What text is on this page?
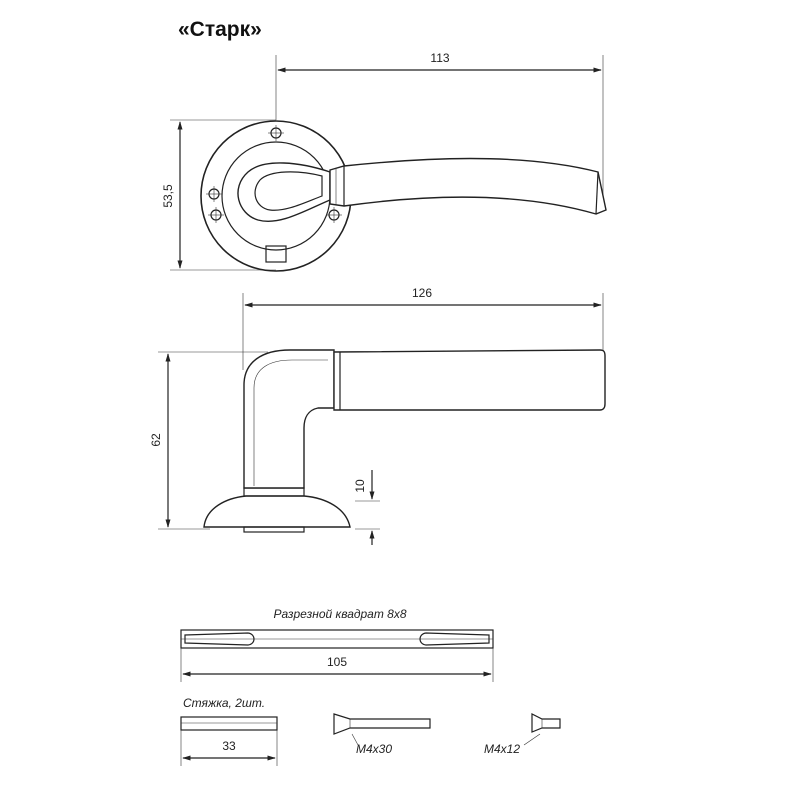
«Старк»
113
53,5
126
62
10
Разрезной квадрат 8х8
105
Стяжка, 2шт.
33	М4х30	М4х12
